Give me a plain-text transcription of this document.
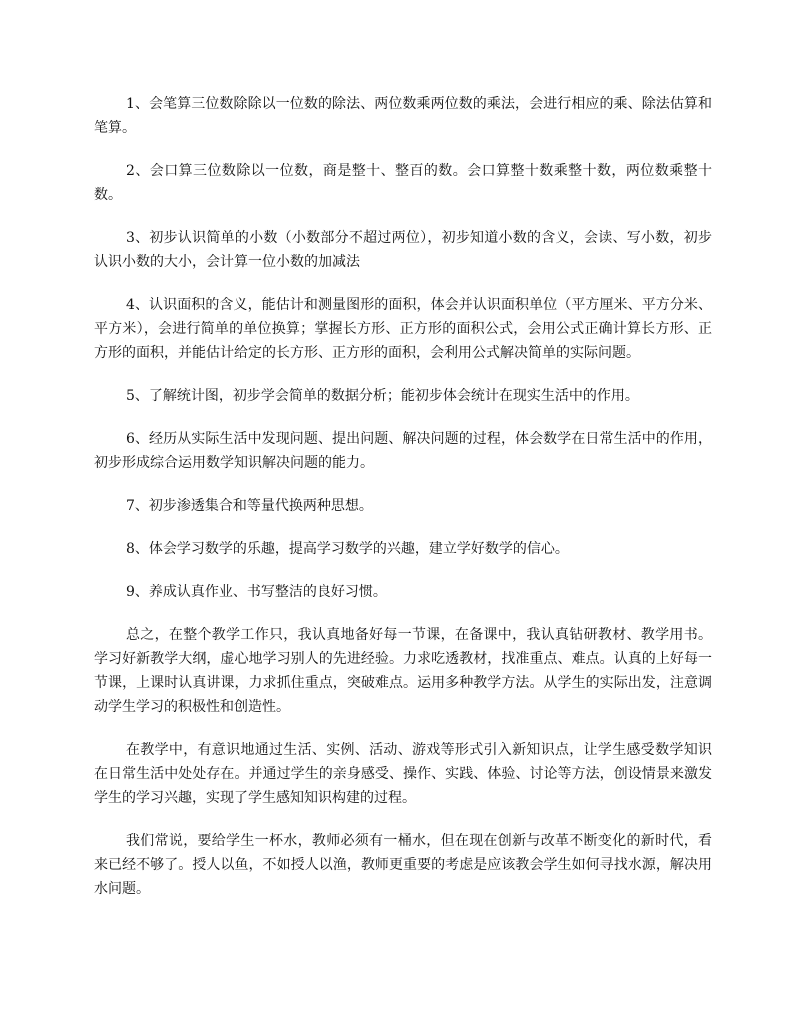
1、会笔算三位数除除以一位数的除法、两位数乘两位数的乘法，会进行相应的乘、除法估算和笔算。

2、会口算三位数除以一位数，商是整十、整百的数。会口算整十数乘整十数，两位数乘整十数。

3、初步认识简单的小数（小数部分不超过两位），初步知道小数的含义，会读、写小数，初步认识小数的大小，会计算一位小数的加减法

4、认识面积的含义，能估计和测量图形的面积，体会并认识面积单位（平方厘米、平方分米、平方米），会进行简单的单位换算；掌握长方形、正方形的面积公式，会用公式正确计算长方形、正方形的面积，并能估计给定的长方形、正方形的面积，会利用公式解决简单的实际问题。

5、了解统计图，初步学会简单的数据分析；能初步体会统计在现实生活中的作用。

6、经历从实际生活中发现问题、提出问题、解决问题的过程，体会数学在日常生活中的作用，初步形成综合运用数学知识解决问题的能力。

7、初步渗透集合和等量代换两种思想。

8、体会学习数学的乐趣，提高学习数学的兴趣，建立学好数学的信心。

9、养成认真作业、书写整洁的良好习惯。

总之，在整个教学工作只，我认真地备好每一节课，在备课中，我认真钻研教材、教学用书。学习好新教学大纲，虚心地学习别人的先进经验。力求吃透教材，找准重点、难点。认真的上好每一节课，上课时认真讲课，力求抓住重点，突破难点。运用多种教学方法。从学生的实际出发，注意调动学生学习的积极性和创造性。

在教学中，有意识地通过生活、实例、活动、游戏等形式引入新知识点，让学生感受数学知识在日常生活中处处存在。并通过学生的亲身感受、操作、实践、体验、讨论等方法，创设情景来激发学生的学习兴趣，实现了学生感知知识构建的过程。

我们常说，要给学生一杯水，教师必须有一桶水，但在现在创新与改革不断变化的新时代，看来已经不够了。授人以鱼，不如授人以渔，教师更重要的考虑是应该教会学生如何寻找水源，解决用水问题。
